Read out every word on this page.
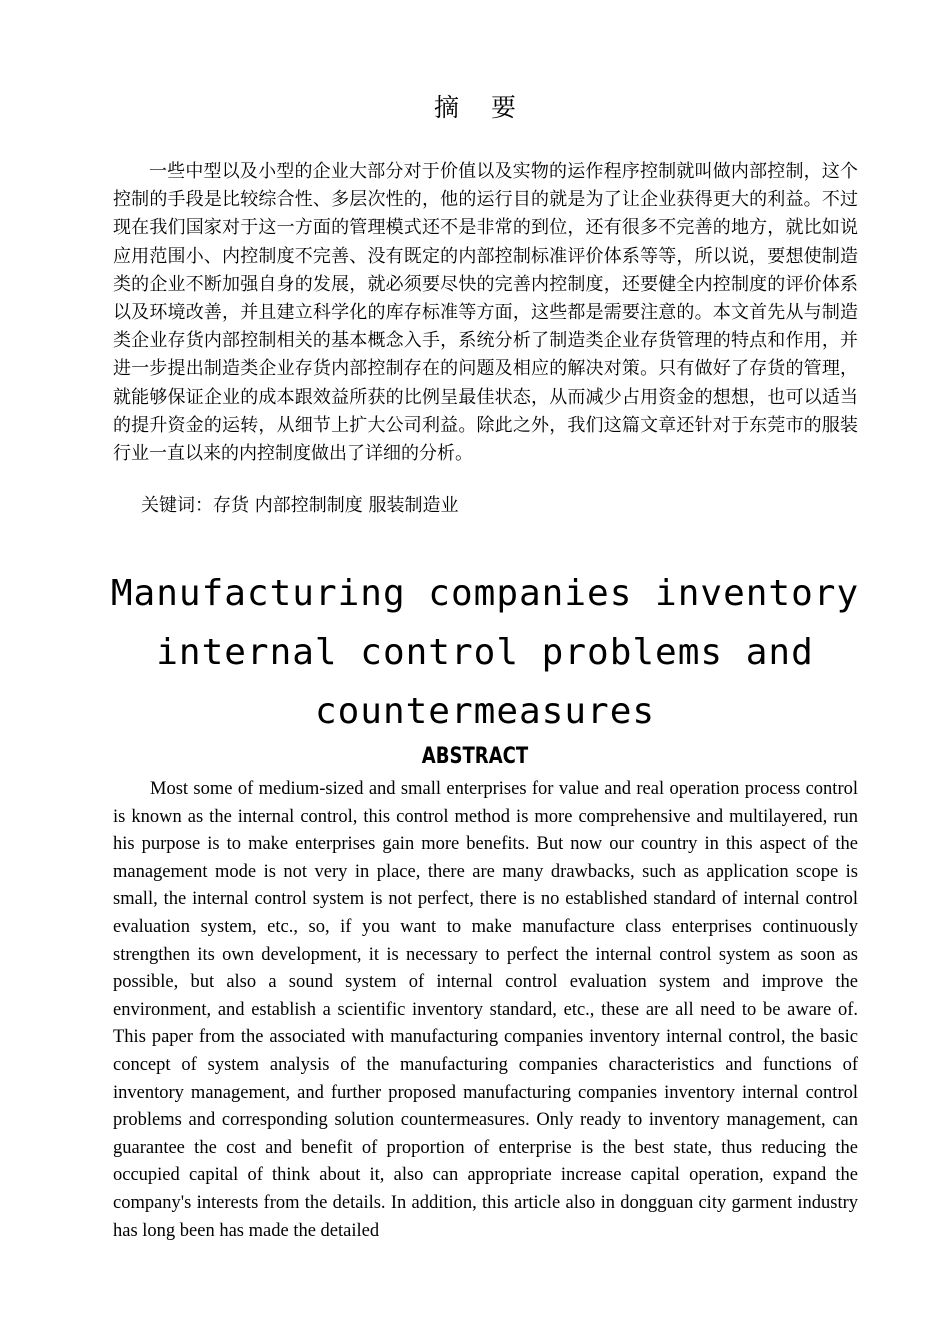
摘 要

一些中型以及小型的企业大部分对于价值以及实物的运作程序控制就叫做内部控制，这个控制的手段是比较综合性、多层次性的，他的运行目的就是为了让企业获得更大的利益。不过现在我们国家对于这一方面的管理模式还不是非常的到位，还有很多不完善的地方，就比如说应用范围小、内控制度不完善、没有既定的内部控制标准评价体系等等，所以说，要想使制造类的企业不断加强自身的发展，就必须要尽快的完善内控制度，还要健全内控制度的评价体系以及环境改善，并且建立科学化的库存标准等方面，这些都是需要注意的。本文首先从与制造类企业存货内部控制相关的基本概念入手，系统分析了制造类企业存货管理的特点和作用，并进一步提出制造类企业存货内部控制存在的问题及相应的解决对策。只有做好了存货的管理，就能够保证企业的成本跟效益所获的比例呈最佳状态，从而减少占用资金的想想，也可以适当的提升资金的运转，从细节上扩大公司利益。除此之外，我们这篇文章还针对于东莞市的服装行业一直以来的内控制度做出了详细的分析。

关键词：存货 内部控制制度 服装制造业

Manufacturing companies inventory internal control problems and countermeasures
ABSTRACT

Most some of medium-sized and small enterprises for value and real operation process control is known as the internal control, this control method is more comprehensive and multilayered, run his purpose is to make enterprises gain more benefits. But now our country in this aspect of the management mode is not very in place, there are many drawbacks, such as application scope is small, the internal control system is not perfect, there is no established standard of internal control evaluation system, etc., so, if you want to make manufacture class enterprises continuously strengthen its own development, it is necessary to perfect the internal control system as soon as possible, but also a sound system of internal control evaluation system and improve the environment, and establish a scientific inventory standard, etc., these are all need to be aware of. This paper from the associated with manufacturing companies inventory internal control, the basic concept of system analysis of the manufacturing companies characteristics and functions of inventory management, and further proposed manufacturing companies inventory internal control problems and corresponding solution countermeasures. Only ready to inventory management, can guarantee the cost and benefit of proportion of enterprise is the best state, thus reducing the occupied capital of think about it, also can appropriate increase capital operation, expand the company's interests from the details. In addition, this article also in dongguan city garment industry has long been has made the detailed
